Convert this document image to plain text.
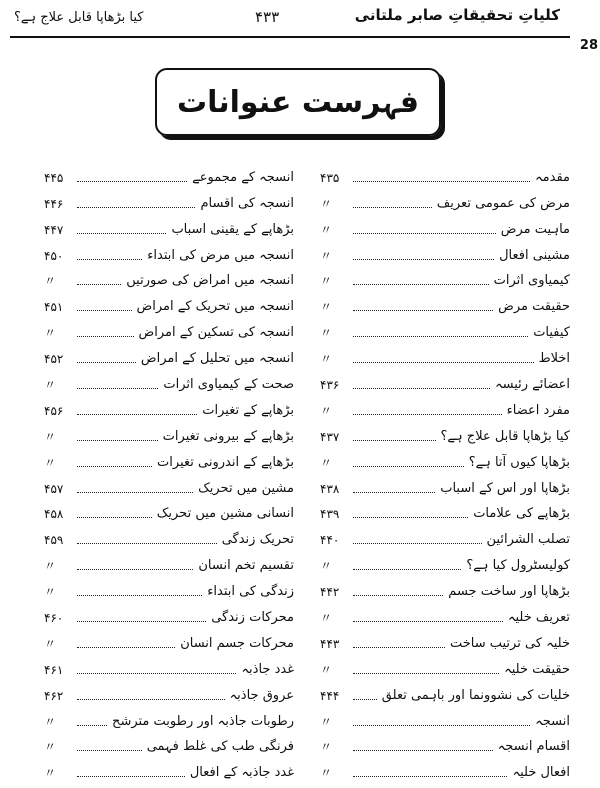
کیا بڑھاپا قابل علاج ہے؟	۴۳۳	کلیاتِ تحقیقاتِ صابر ملتانی
28
فہرست عنوانات
مقدمہ
۴۳۵
مرض کی عمومی تعریف
〃
ماہیت مرض
〃
مشینی افعال
〃
کیمیاوی اثرات
〃
حقیقت مرض
〃
کیفیات
〃
اخلاط
〃
اعضائے رئیسہ
۴۳۶
مفرد اعضاء
〃
کیا بڑھاپا قابل علاج ہے؟
۴۳۷
بڑھاپا کیوں آتا ہے؟
〃
بڑھاپا اور اس کے اسباب
۴۳۸
بڑھاپے کی علامات
۴۳۹
تصلب الشرائین
۴۴۰
کولیسٹرول کیا ہے؟
〃
بڑھاپا اور ساخت جسم
۴۴۲
تعریف خلیہ
〃
خلیہ کی ترتیب ساخت
۴۴۳
حقیقت خلیہ
〃
خلیات کی نشوونما اور باہمی تعلق
۴۴۴
انسجہ
〃
اقسام انسجہ
〃
افعال خلیہ
〃
انسجہ کے مجموعے
۴۴۵
انسجہ کی اقسام
۴۴۶
بڑھاپے کے یقینی اسباب
۴۴۷
انسجہ میں مرض کی ابتداء
۴۵۰
انسجہ میں امراض کی صورتیں
〃
انسجہ میں تحریک کے امراض
۴۵۱
انسجہ کی تسکین کے امراض
〃
انسجہ میں تحلیل کے امراض
۴۵۲
صحت کے کیمیاوی اثرات
〃
بڑھاپے کے تغیرات
۴۵۶
بڑھاپے کے بیرونی تغیرات
〃
بڑھاپے کے اندرونی تغیرات
〃
مشین میں تحریک
۴۵۷
انسانی مشین میں تحریک
۴۵۸
تحریک زندگی
۴۵۹
تقسیم تخم انسان
〃
زندگی کی ابتداء
〃
محرکات زندگی
۴۶۰
محرکات جسم انسان
〃
غدد جاذبہ
۴۶۱
عروق جاذبہ
۴۶۲
رطوبات جاذبہ اور رطوبت مترشح
〃
فرنگی طب کی غلط فہمی
〃
غدد جاذبہ کے افعال
〃
